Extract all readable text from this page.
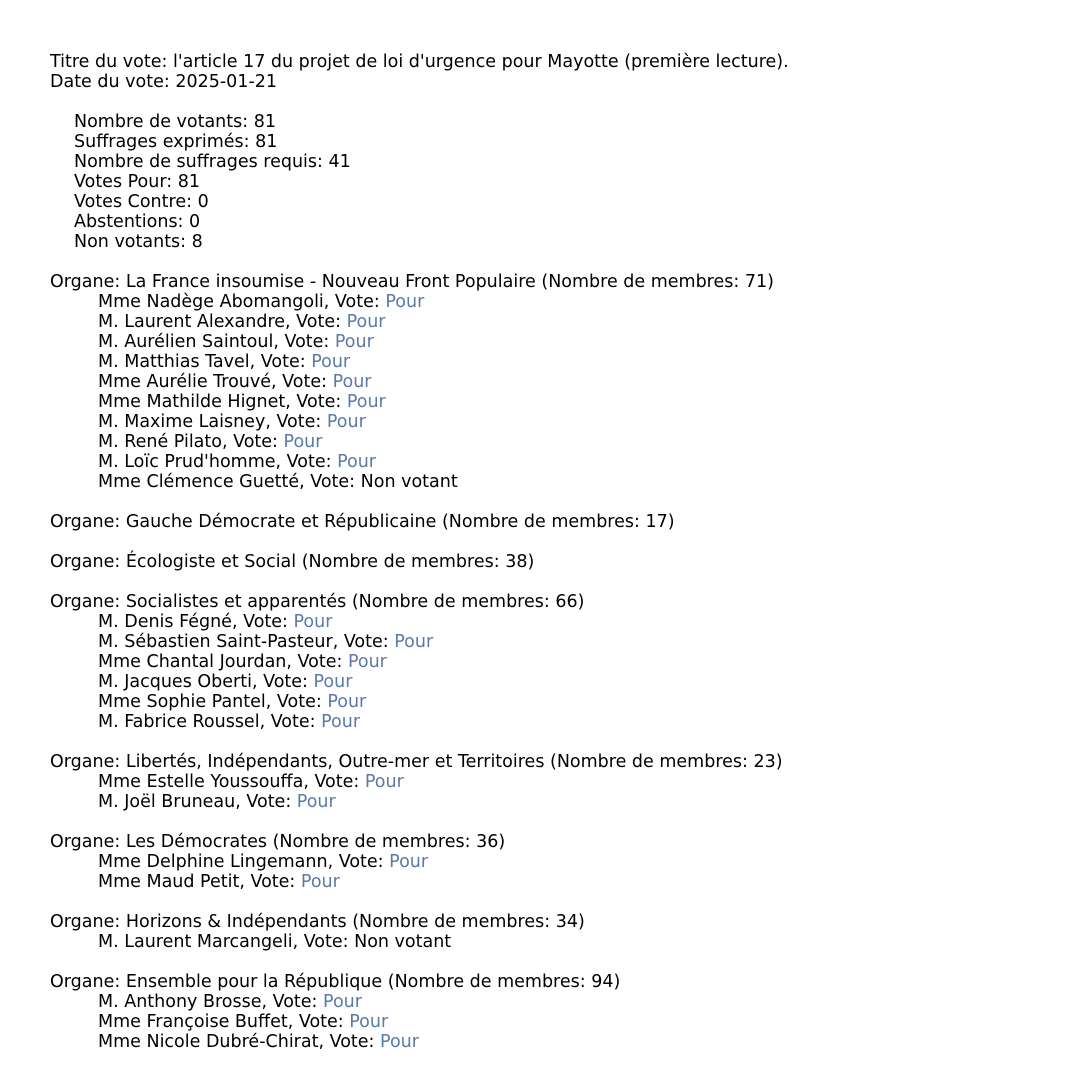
Titre du vote: l'article 17 du projet de loi d'urgence pour Mayotte (première lecture).
Date du vote: 2025-01-21
Nombre de votants: 81
Suffrages exprimés: 81
Nombre de suffrages requis: 41
Votes Pour: 81
Votes Contre: 0
Abstentions: 0
Non votants: 8
Organe: La France insoumise - Nouveau Front Populaire (Nombre de membres: 71)
Mme Nadège Abomangoli, Vote: Pour
M. Laurent Alexandre, Vote: Pour
M. Aurélien Saintoul, Vote: Pour
M. Matthias Tavel, Vote: Pour
Mme Aurélie Trouvé, Vote: Pour
Mme Mathilde Hignet, Vote: Pour
M. Maxime Laisney, Vote: Pour
M. René Pilato, Vote: Pour
M. Loïc Prud'homme, Vote: Pour
Mme Clémence Guetté, Vote: Non votant
Organe: Gauche Démocrate et Républicaine (Nombre de membres: 17)
Organe: Écologiste et Social (Nombre de membres: 38)
Organe: Socialistes et apparentés (Nombre de membres: 66)
M. Denis Fégné, Vote: Pour
M. Sébastien Saint-Pasteur, Vote: Pour
Mme Chantal Jourdan, Vote: Pour
M. Jacques Oberti, Vote: Pour
Mme Sophie Pantel, Vote: Pour
M. Fabrice Roussel, Vote: Pour
Organe: Libertés, Indépendants, Outre-mer et Territoires (Nombre de membres: 23)
Mme Estelle Youssouffa, Vote: Pour
M. Joël Bruneau, Vote: Pour
Organe: Les Démocrates (Nombre de membres: 36)
Mme Delphine Lingemann, Vote: Pour
Mme Maud Petit, Vote: Pour
Organe: Horizons & Indépendants (Nombre de membres: 34)
M. Laurent Marcangeli, Vote: Non votant
Organe: Ensemble pour la République (Nombre de membres: 94)
M. Anthony Brosse, Vote: Pour
Mme Françoise Buffet, Vote: Pour
Mme Nicole Dubré-Chirat, Vote: Pour
